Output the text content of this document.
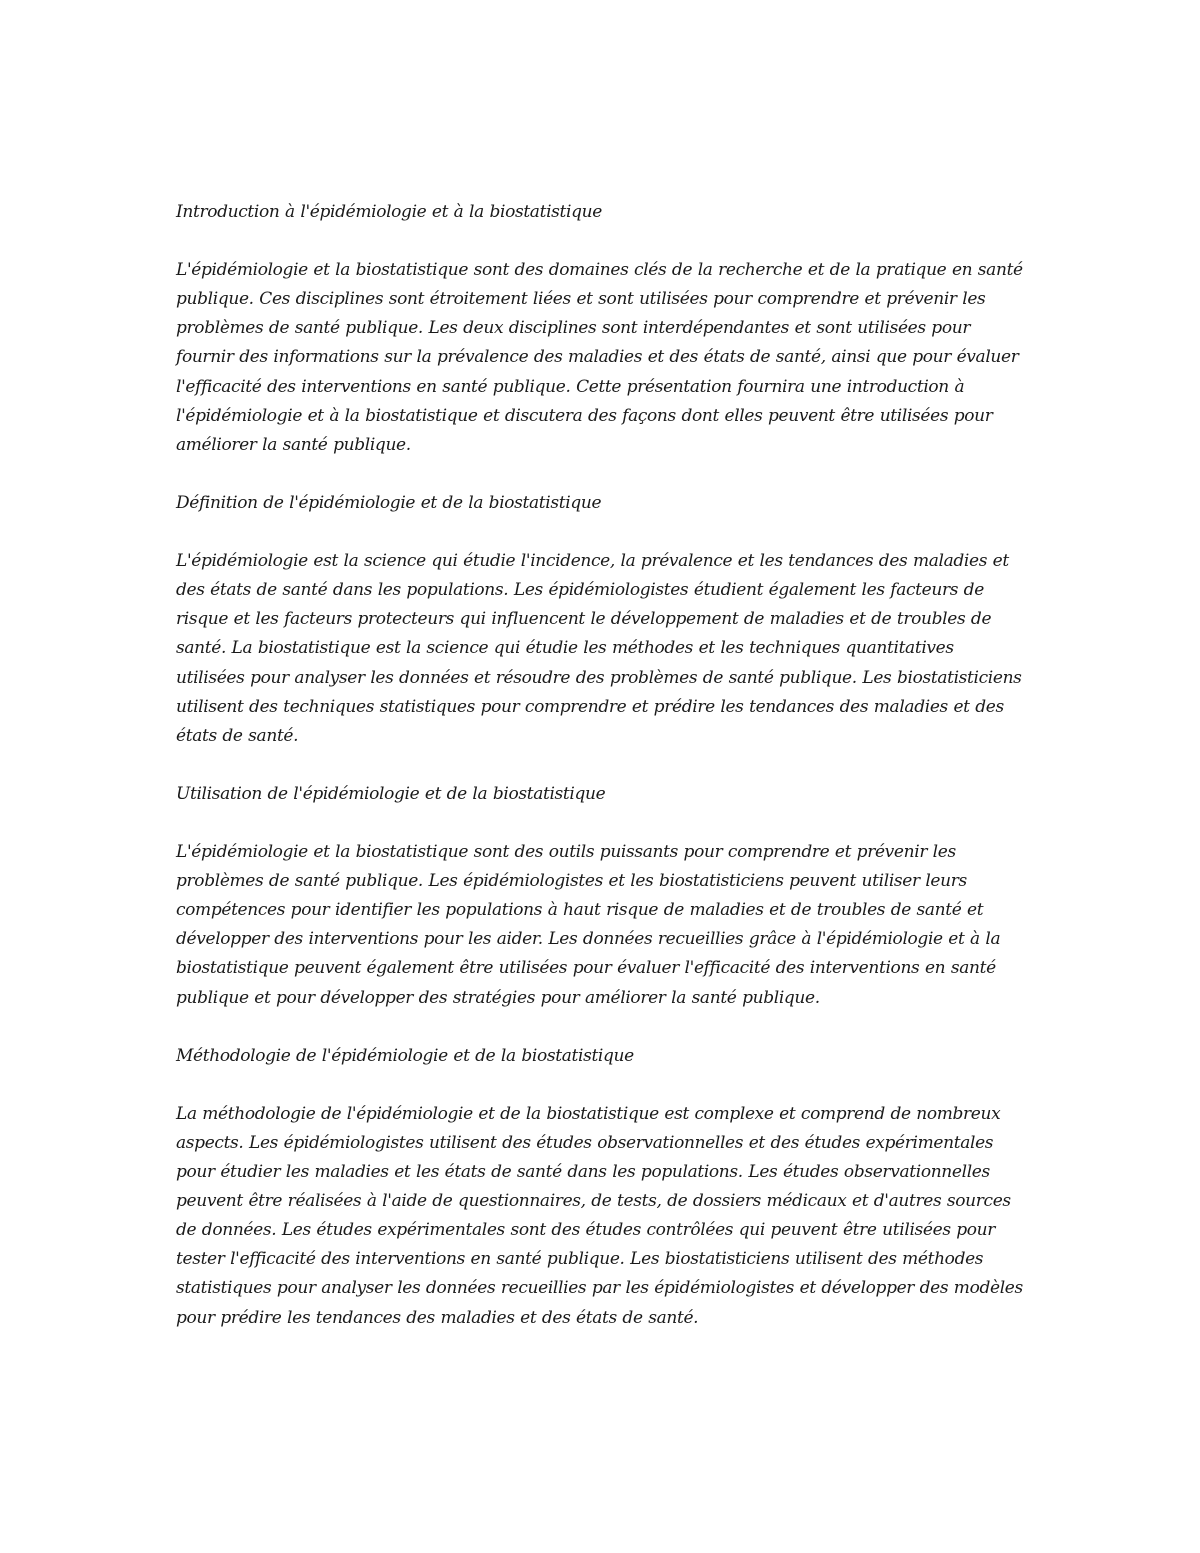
Introduction à l'épidémiologie et à la biostatistique

L'épidémiologie et la biostatistique sont des domaines clés de la recherche et de la pratique en santé publique. Ces disciplines sont étroitement liées et sont utilisées pour comprendre et prévenir les problèmes de santé publique. Les deux disciplines sont interdépendantes et sont utilisées pour fournir des informations sur la prévalence des maladies et des états de santé, ainsi que pour évaluer l'efficacité des interventions en santé publique. Cette présentation fournira une introduction à l'épidémiologie et à la biostatistique et discutera des façons dont elles peuvent être utilisées pour améliorer la santé publique.

Définition de l'épidémiologie et de la biostatistique

L'épidémiologie est la science qui étudie l'incidence, la prévalence et les tendances des maladies et des états de santé dans les populations. Les épidémiologistes étudient également les facteurs de risque et les facteurs protecteurs qui influencent le développement de maladies et de troubles de santé. La biostatistique est la science qui étudie les méthodes et les techniques quantitatives utilisées pour analyser les données et résoudre des problèmes de santé publique. Les biostatisticiens utilisent des techniques statistiques pour comprendre et prédire les tendances des maladies et des états de santé.

Utilisation de l'épidémiologie et de la biostatistique

L'épidémiologie et la biostatistique sont des outils puissants pour comprendre et prévenir les problèmes de santé publique. Les épidémiologistes et les biostatisticiens peuvent utiliser leurs compétences pour identifier les populations à haut risque de maladies et de troubles de santé et développer des interventions pour les aider. Les données recueillies grâce à l'épidémiologie et à la biostatistique peuvent également être utilisées pour évaluer l'efficacité des interventions en santé publique et pour développer des stratégies pour améliorer la santé publique.

Méthodologie de l'épidémiologie et de la biostatistique

La méthodologie de l'épidémiologie et de la biostatistique est complexe et comprend de nombreux aspects. Les épidémiologistes utilisent des études observationnelles et des études expérimentales pour étudier les maladies et les états de santé dans les populations. Les études observationnelles peuvent être réalisées à l'aide de questionnaires, de tests, de dossiers médicaux et d'autres sources de données. Les études expérimentales sont des études contrôlées qui peuvent être utilisées pour tester l'efficacité des interventions en santé publique. Les biostatisticiens utilisent des méthodes statistiques pour analyser les données recueillies par les épidémiologistes et développer des modèles pour prédire les tendances des maladies et des états de santé.
